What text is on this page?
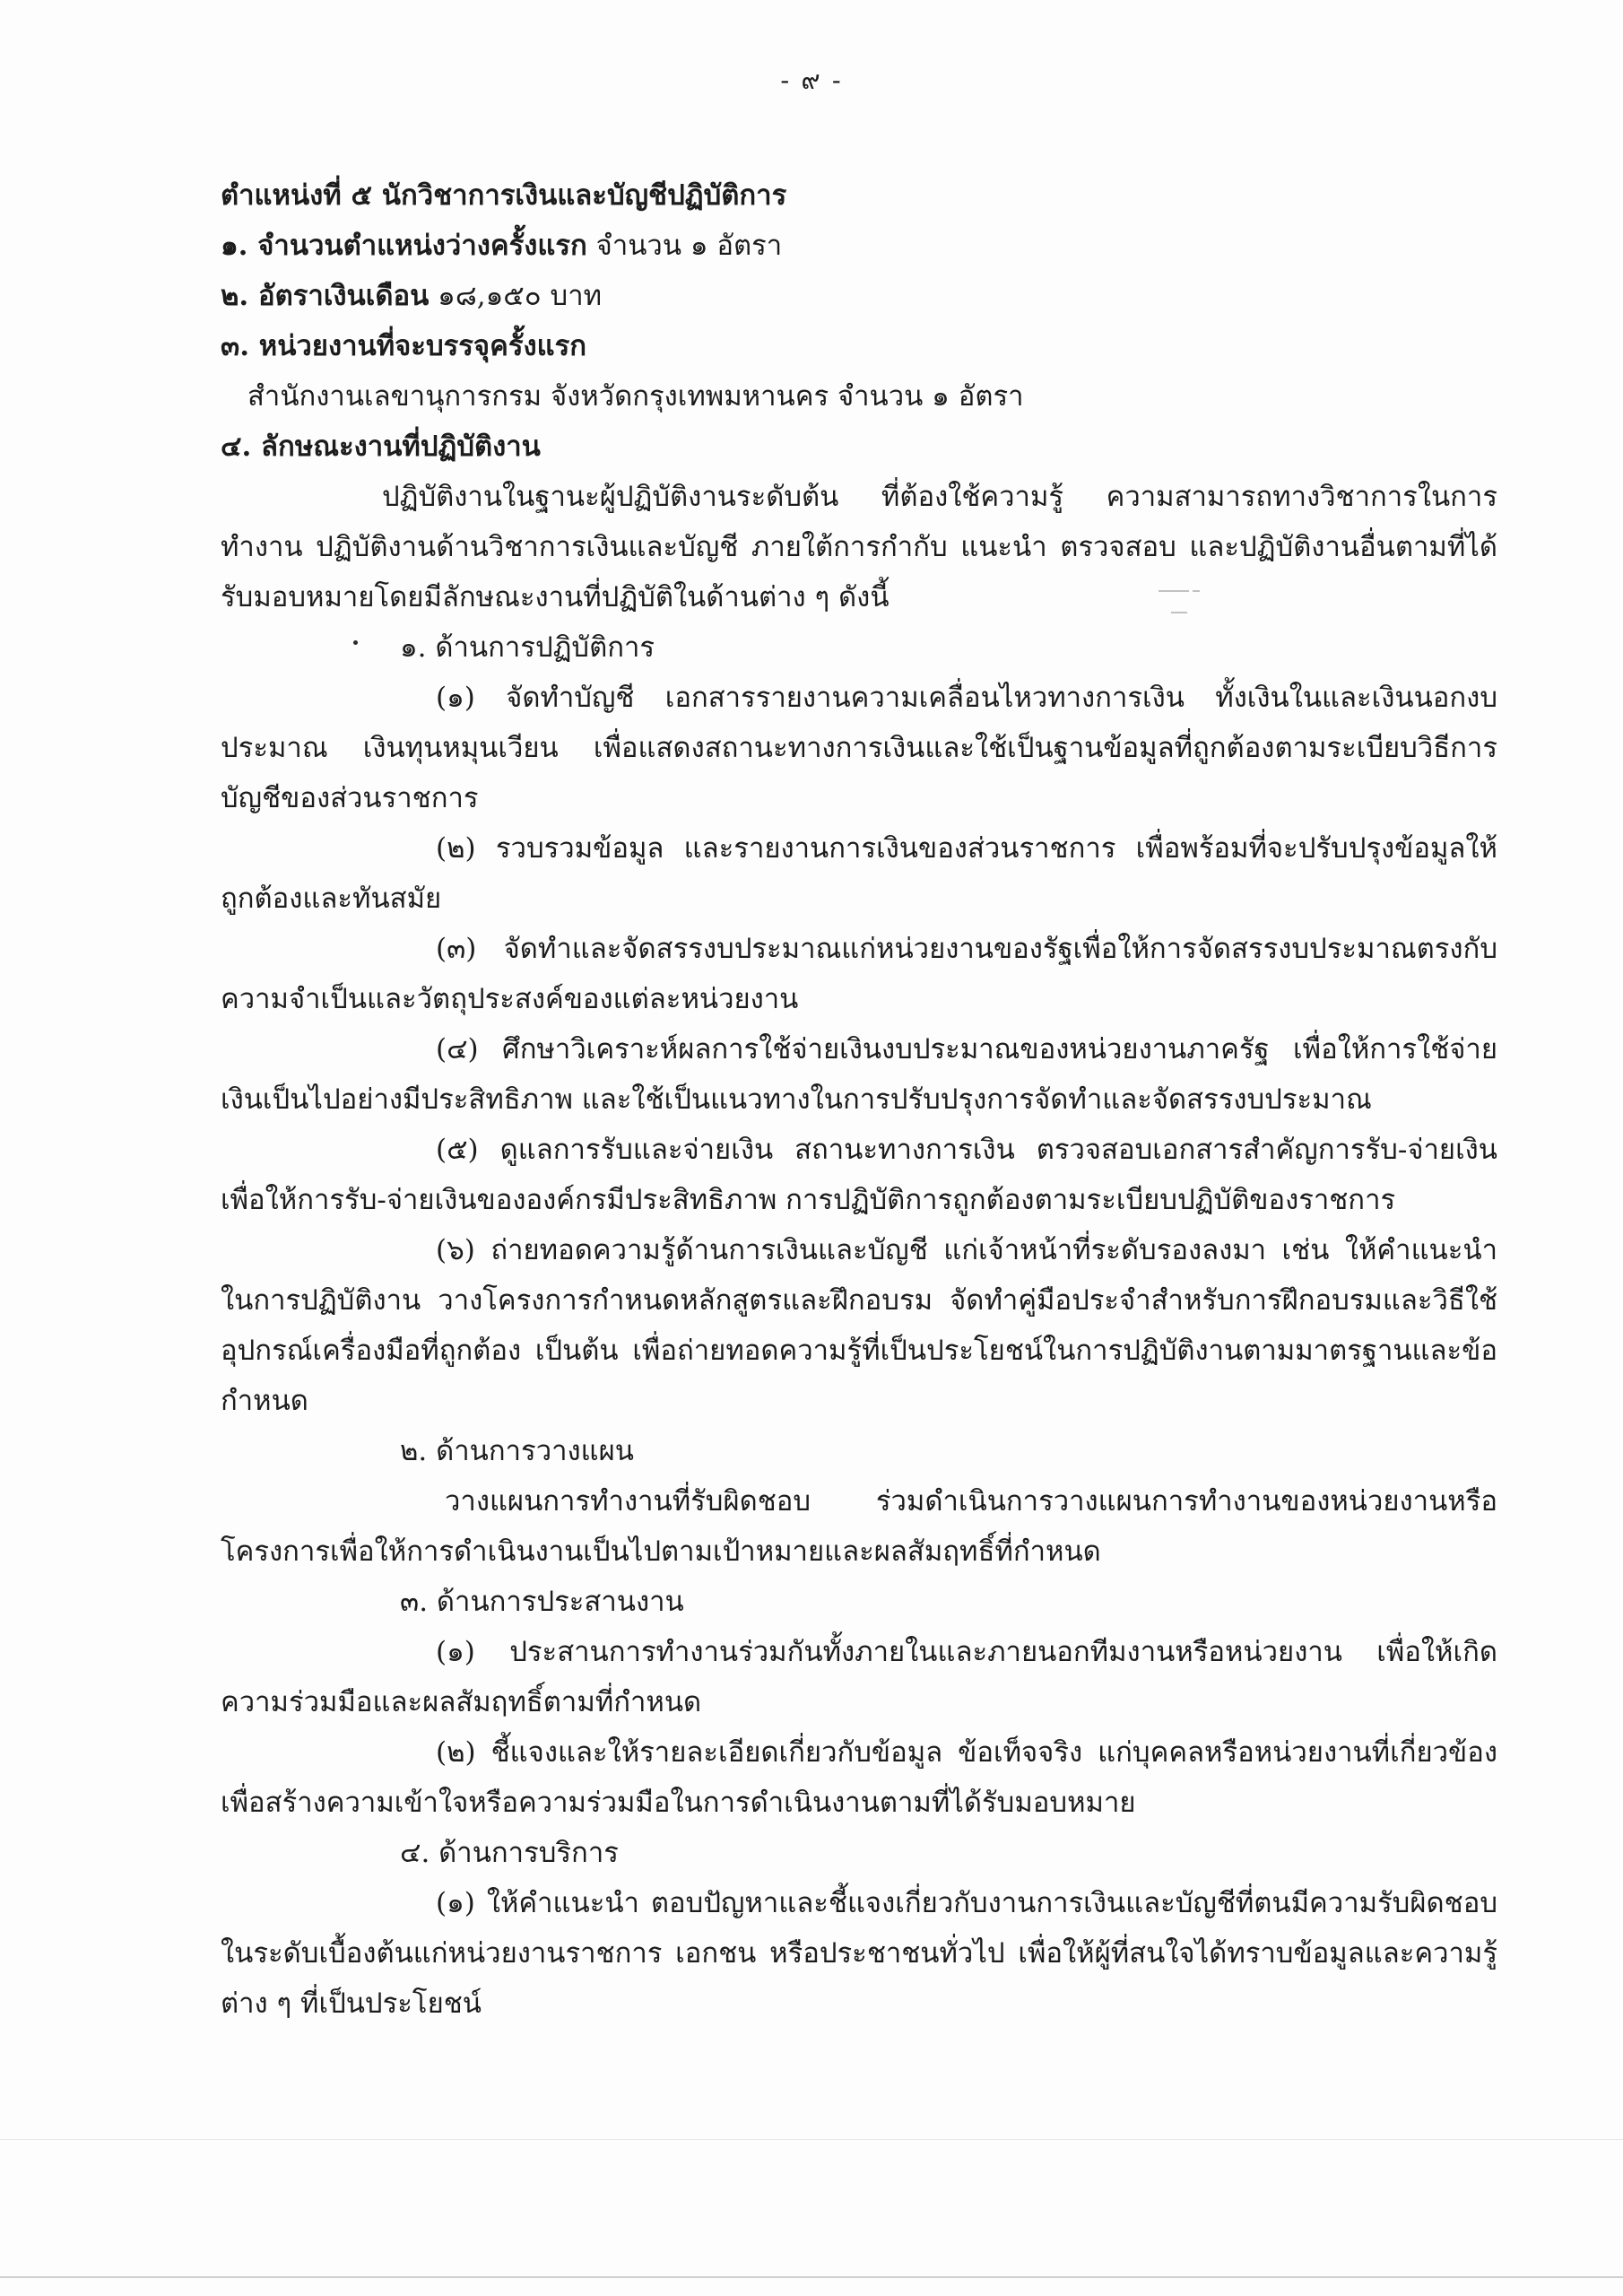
- ๙ -
ตำแหน่งที่ ๕ นักวิชาการเงินและบัญชีปฏิบัติการ
๑. จำนวนตำแหน่งว่างครั้งแรก จำนวน ๑ อัตรา
๒. อัตราเงินเดือน ๑๘,๑๕๐ บาท
๓. หน่วยงานที่จะบรรจุครั้งแรก
สำนักงานเลขานุการกรม จังหวัดกรุงเทพมหานคร จำนวน ๑ อัตรา
๔. ลักษณะงานที่ปฏิบัติงาน
ปฏิบัติงานในฐานะผู้ปฏิบัติงานระดับต้น ที่ต้องใช้ความรู้ ความสามารถทางวิชาการในการทำงาน ปฏิบัติงานด้านวิชาการเงินและบัญชี ภายใต้การกำกับ แนะนำ ตรวจสอบ และปฏิบัติงานอื่นตามที่ได้รับมอบหมายโดยมีลักษณะงานที่ปฏิบัติในด้านต่าง ๆ ดังนี้
๑. ด้านการปฏิบัติการ
(๑) จัดทำบัญชี เอกสารรายงานความเคลื่อนไหวทางการเงิน ทั้งเงินในและเงินนอกงบประมาณ เงินทุนหมุนเวียน เพื่อแสดงสถานะทางการเงินและใช้เป็นฐานข้อมูลที่ถูกต้องตามระเบียบวิธีการบัญชีของส่วนราชการ
(๒) รวบรวมข้อมูล และรายงานการเงินของส่วนราชการ เพื่อพร้อมที่จะปรับปรุงข้อมูลให้ถูกต้องและทันสมัย
(๓) จัดทำและจัดสรรงบประมาณแก่หน่วยงานของรัฐเพื่อให้การจัดสรรงบประมาณตรงกับความจำเป็นและวัตถุประสงค์ของแต่ละหน่วยงาน
(๔) ศึกษาวิเคราะห์ผลการใช้จ่ายเงินงบประมาณของหน่วยงานภาครัฐ เพื่อให้การใช้จ่ายเงินเป็นไปอย่างมีประสิทธิภาพ และใช้เป็นแนวทางในการปรับปรุงการจัดทำและจัดสรรงบประมาณ
(๕) ดูแลการรับและจ่ายเงิน สถานะทางการเงิน ตรวจสอบเอกสารสำคัญการรับ-จ่ายเงินเพื่อให้การรับ-จ่ายเงินขององค์กรมีประสิทธิภาพ การปฏิบัติการถูกต้องตามระเบียบปฏิบัติของราชการ
(๖) ถ่ายทอดความรู้ด้านการเงินและบัญชี แก่เจ้าหน้าที่ระดับรองลงมา เช่น ให้คำแนะนำในการปฏิบัติงาน วางโครงการกำหนดหลักสูตรและฝึกอบรม จัดทำคู่มือประจำสำหรับการฝึกอบรมและวิธีใช้อุปกรณ์เครื่องมือที่ถูกต้อง เป็นต้น เพื่อถ่ายทอดความรู้ที่เป็นประโยชน์ในการปฏิบัติงานตามมาตรฐานและข้อกำหนด
๒. ด้านการวางแผน
วางแผนการทำงานที่รับผิดชอบ ร่วมดำเนินการวางแผนการทำงานของหน่วยงานหรือโครงการเพื่อให้การดำเนินงานเป็นไปตามเป้าหมายและผลสัมฤทธิ์ที่กำหนด
๓. ด้านการประสานงาน
(๑) ประสานการทำงานร่วมกันทั้งภายในและภายนอกทีมงานหรือหน่วยงาน เพื่อให้เกิด ความร่วมมือและผลสัมฤทธิ์ตามที่กำหนด
(๒) ชี้แจงและให้รายละเอียดเกี่ยวกับข้อมูล ข้อเท็จจริง แก่บุคคลหรือหน่วยงานที่เกี่ยวข้องเพื่อสร้างความเข้าใจหรือความร่วมมือในการดำเนินงานตามที่ได้รับมอบหมาย
๔. ด้านการบริการ
(๑) ให้คำแนะนำ ตอบปัญหาและชี้แจงเกี่ยวกับงานการเงินและบัญชีที่ตนมีความรับผิดชอบในระดับเบื้องต้นแก่หน่วยงานราชการ เอกชน หรือประชาชนทั่วไป เพื่อให้ผู้ที่สนใจได้ทราบข้อมูลและความรู้ต่าง ๆ ที่เป็นประโยชน์
